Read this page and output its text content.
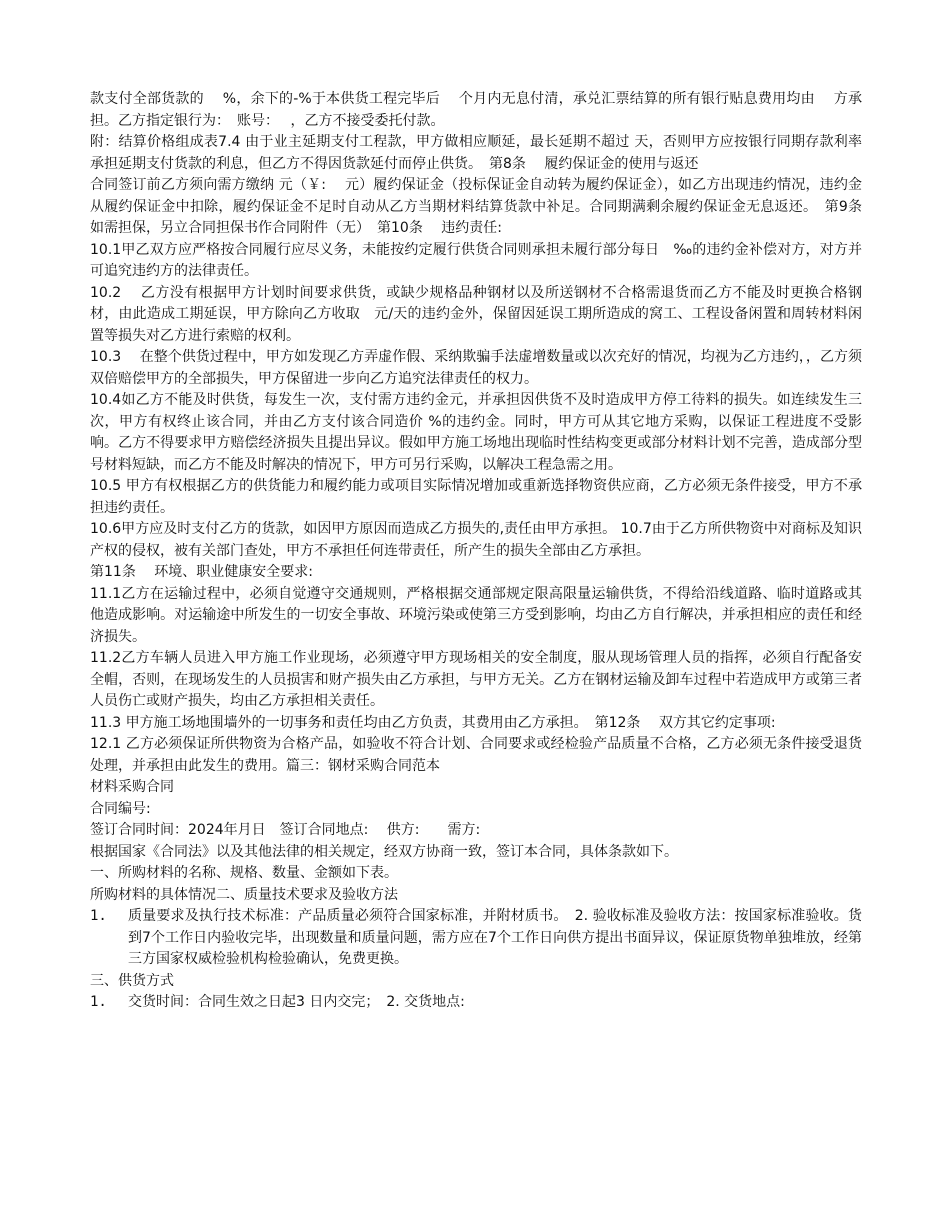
款支付全部货款的　 %，余下的-%于本供货工程完毕后　 个月内无息付清，承兑汇票结算的所有银行贴息费用均由　 方承担。乙方指定银行为：　账号：　 ，乙方不接受委托付款。

附：结算价格组成表7.4 由于业主延期支付工程款，甲方做相应顺延，最长延期不超过 天，否则甲方应按银行同期存款利率承担延期支付货款的利息，但乙方不得因货款延付而停止供货。　第8条　 履约保证金的使用与返还

合同签订前乙方须向需方缴纳 元（￥:　 元）履约保证金（投标保证金自动转为履约保证金），如乙方出现违约情况，违约金从履约保证金中扣除，履约保证金不足时自动从乙方当期材料结算货款中补足。合同期满剩余履约保证金无息返还。　第9条　 如需担保，另立合同担保书作合同附件（无）　第10条　 违约责任:

10.1甲乙双方应严格按合同履行应尽义务，未能按约定履行供货合同则承担未履行部分每日　‰的违约金补偿对方，对方并可追究违约方的法律责任。

10.2　 乙方没有根据甲方计划时间要求供货，或缺少规格品种钢材以及所送钢材不合格需退货而乙方不能及时更换合格钢材，由此造成工期延误，甲方除向乙方收取　元/天的违约金外，保留因延误工期所造成的窝工、工程设备闲置和周转材料闲置等损失对乙方进行索赔的权利。

10.3　 在整个供货过程中，甲方如发现乙方弄虚作假、采纳欺骗手法虚增数量或以次充好的情况，均视为乙方违约，，乙方须双倍赔偿甲方的全部损失，甲方保留进一步向乙方追究法律责任的权力。

10.4如乙方不能及时供货，每发生一次，支付需方违约金元，并承担因供货不及时造成甲方停工待料的损失。如连续发生三次，甲方有权终止该合同，并由乙方支付该合同造价 %的违约金。同时，甲方可从其它地方采购，以保证工程进度不受影响。乙方不得要求甲方赔偿经济损失且提出异议。假如甲方施工场地出现临时性结构变更或部分材料计划不完善，造成部分型号材料短缺，而乙方不能及时解决的情况下，甲方可另行采购，以解决工程急需之用。

10.5 甲方有权根据乙方的供货能力和履约能力或项目实际情况增加或重新选择物资供应商，乙方必须无条件接受，甲方不承担违约责任。

10.6甲方应及时支付乙方的货款，如因甲方原因而造成乙方损失的,责任由甲方承担。 10.7由于乙方所供物资中对商标及知识产权的侵权，被有关部门查处，甲方不承担任何连带责任，所产生的损失全部由乙方承担。

第11条　 环境、职业健康安全要求:

11.1乙方在运输过程中，必须自觉遵守交通规则，严格根据交通部规定限高限量运输供货，不得给沿线道路、临时道路或其他造成影响。对运输途中所发生的一切安全事故、环境污染或使第三方受到影响，均由乙方自行解决，并承担相应的责任和经济损失。

11.2乙方车辆人员进入甲方施工作业现场，必须遵守甲方现场相关的安全制度，服从现场管理人员的指挥，必须自行配备安全帽，否则，在现场发生的人员损害和财产损失由乙方承担，与甲方无关。乙方在钢材运输及卸车过程中若造成甲方或第三者人员伤亡或财产损失，均由乙方承担相关责任。

11.3 甲方施工场地围墙外的一切事务和责任均由乙方负责，其费用由乙方承担。　第12条　 双方其它约定事项:

12.1 乙方必须保证所供物资为合格产品，如验收不符合计划、合同要求或经检验产品质量不合格，乙方必须无条件接受退货处理，并承担由此发生的费用。篇三：钢材采购合同范本

材料采购合同

合同编号:

签订合同时间：2024年月日　签订合同地点:　 供方:　　需方:

根据国家《合同法》以及其他法律的相关规定，经双方协商一致，签订本合同，具体条款如下。

一、所购材料的名称、规格、数量、金额如下表。

所购材料的具体情况二、质量技术要求及验收方法

1.	质量要求及执行技术标准：产品质量必须符合国家标准，并附材质书。　2. 验收标准及验收方法：按国家标准验收。货到7个工作日内验收完毕，出现数量和质量问题，需方应在7个工作日向供方提出书面异议，保证原货物单独堆放，经第三方国家权威检验机构检验确认，免费更换。

三、供货方式

1.	交货时间：合同生效之日起3 日内交完；　2. 交货地点:
